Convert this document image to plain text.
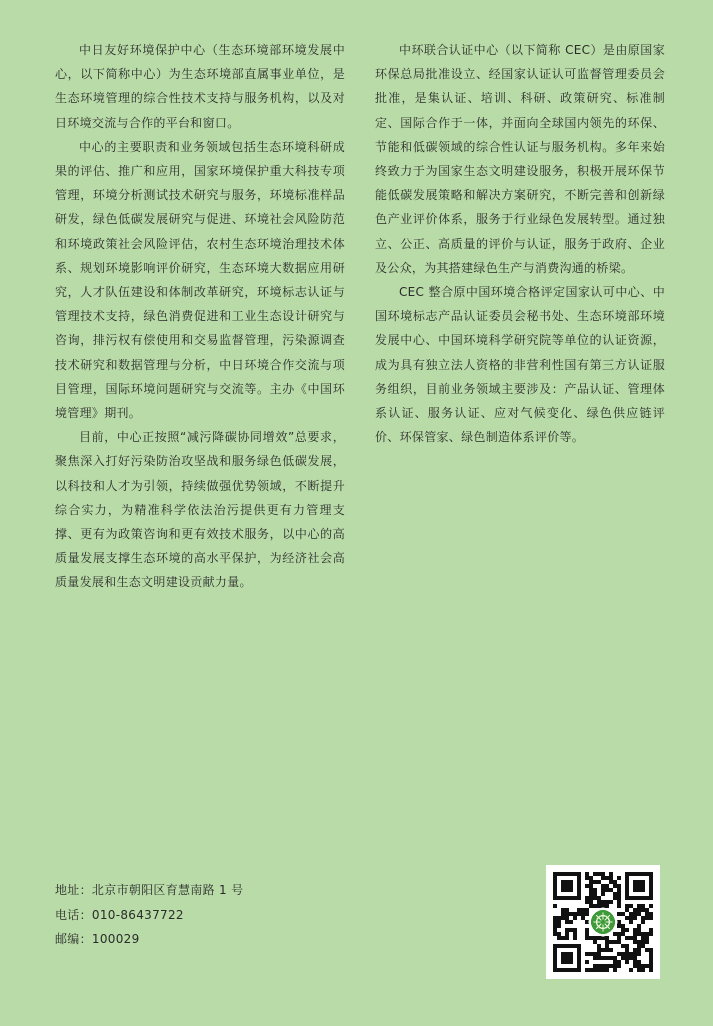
中日友好环境保护中心（生态环境部环境发展中心，以下简称中心）为生态环境部直属事业单位，是生态环境管理的综合性技术支持与服务机构，以及对日环境交流与合作的平台和窗口。

中心的主要职责和业务领域包括生态环境科研成果的评估、推广和应用，国家环境保护重大科技专项管理，环境分析测试技术研究与服务，环境标准样品研发，绿色低碳发展研究与促进、环境社会风险防范和环境政策社会风险评估，农村生态环境治理技术体系、规划环境影响评价研究，生态环境大数据应用研究，人才队伍建设和体制改革研究，环境标志认证与管理技术支持，绿色消费促进和工业生态设计研究与咨询，排污权有偿使用和交易监督管理，污染源调查技术研究和数据管理与分析，中日环境合作交流与项目管理，国际环境问题研究与交流等。主办《中国环境管理》期刊。

目前，中心正按照“减污降碳协同增效”总要求，聚焦深入打好污染防治攻坚战和服务绿色低碳发展，以科技和人才为引领，持续做强优势领域，不断提升综合实力，为精准科学依法治污提供更有力管理支撑、更有为政策咨询和更有效技术服务，以中心的高质量发展支撑生态环境的高水平保护，为经济社会高质量发展和生态文明建设贡献力量。

中环联合认证中心（以下简称 CEC）是由原国家环保总局批准设立、经国家认证认可监督管理委员会批准，是集认证、培训、科研、政策研究、标准制定、国际合作于一体，并面向全球国内领先的环保、节能和低碳领域的综合性认证与服务机构。多年来始终致力于为国家生态文明建设服务，积极开展环保节能低碳发展策略和解决方案研究，不断完善和创新绿色产业评价体系，服务于行业绿色发展转型。通过独立、公正、高质量的评价与认证，服务于政府、企业及公众，为其搭建绿色生产与消费沟通的桥梁。

CEC 整合原中国环境合格评定国家认可中心、中国环境标志产品认证委员会秘书处、生态环境部环境发展中心、中国环境科学研究院等单位的认证资源，成为具有独立法人资格的非营利性国有第三方认证服务组织，目前业务领域主要涉及：产品认证、管理体系认证、服务认证、应对气候变化、绿色供应链评价、环保管家、绿色制造体系评价等。

地址：北京市朝阳区育慧南路 1 号
电话：010-86437722
邮编：100029
